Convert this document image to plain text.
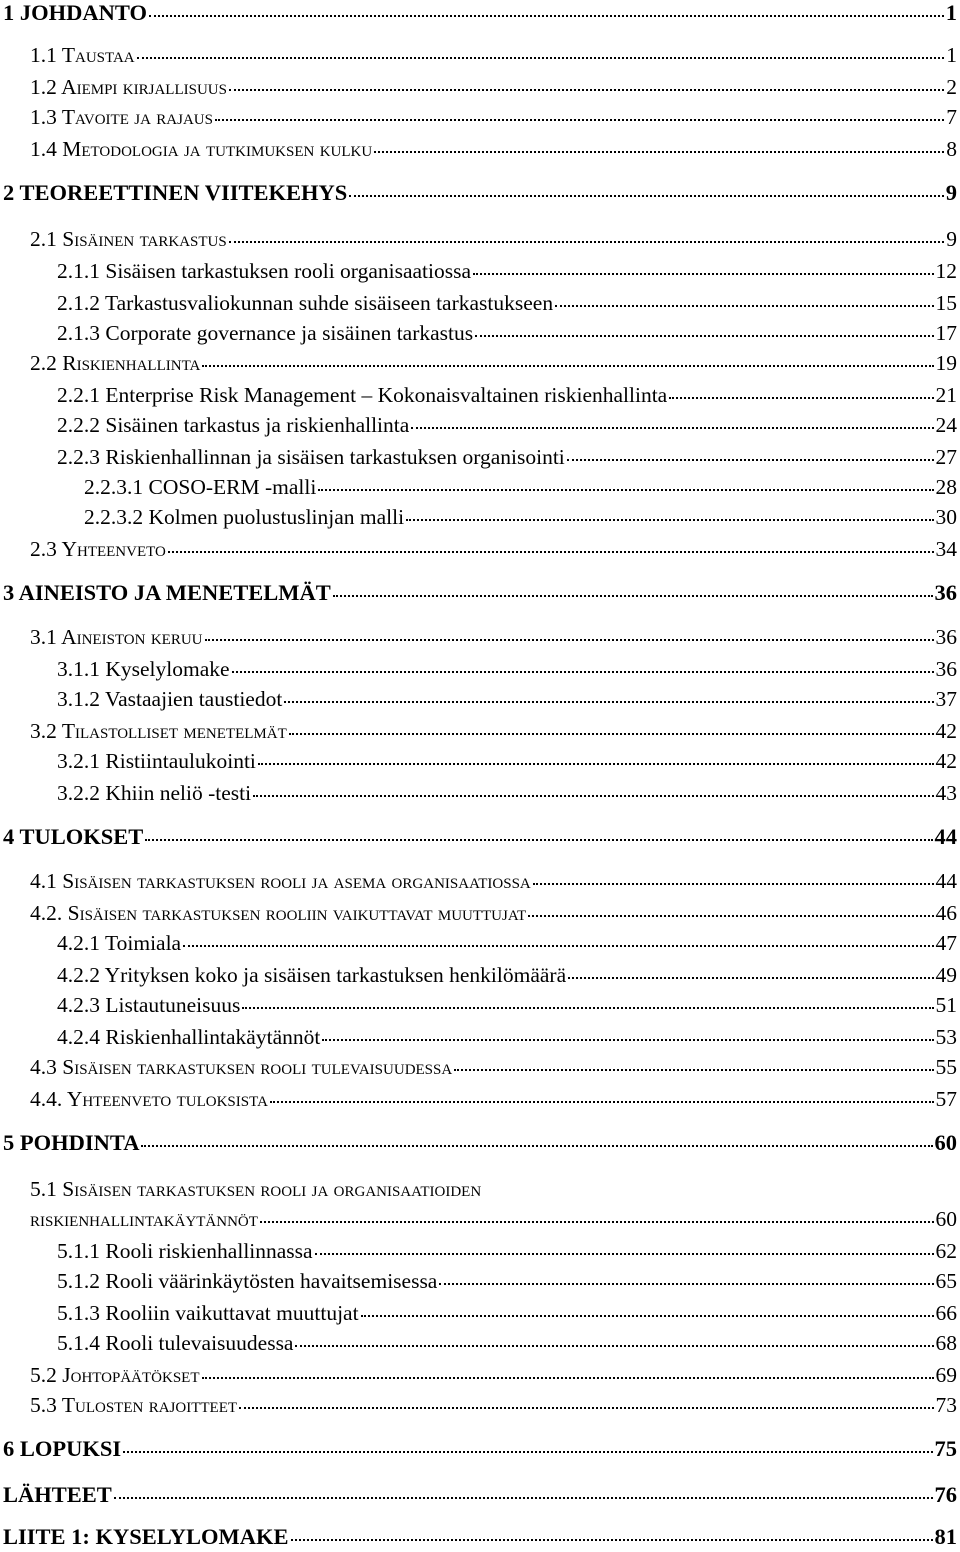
1 JOHDANTO	1
1.1 Taustaa	1
1.2 Aiempi kirjallisuus	2
1.3 Tavoite ja rajaus	7
1.4 Metodologia ja tutkimuksen kulku	8
2 TEOREETTINEN VIITEKEHYS	9
2.1 Sisäinen tarkastus	9
2.1.1 Sisäisen tarkastuksen rooli organisaatiossa	12
2.1.2 Tarkastusvaliokunnan suhde sisäiseen tarkastukseen	15
2.1.3 Corporate governance ja sisäinen tarkastus	17
2.2 Riskienhallinta	19
2.2.1 Enterprise Risk Management – Kokonaisvaltainen riskienhallinta	21
2.2.2 Sisäinen tarkastus ja riskienhallinta	24
2.2.3 Riskienhallinnan ja sisäisen tarkastuksen organisointi	27
2.2.3.1 COSO-ERM -malli	28
2.2.3.2 Kolmen puolustuslinjan malli	30
2.3 Yhteenveto	34
3 AINEISTO JA MENETELMÄT	36
3.1 Aineiston keruu	36
3.1.1 Kyselylomake	36
3.1.2 Vastaajien taustiedot	37
3.2 Tilastolliset menetelmät	42
3.2.1 Ristiintaulukointi	42
3.2.2 Khiin neliö -testi	43
4 TULOKSET	44
4.1 Sisäisen tarkastuksen rooli ja asema organisaatiossa	44
4.2. Sisäisen tarkastuksen rooliin vaikuttavat muuttujat	46
4.2.1 Toimiala	47
4.2.2 Yrityksen koko ja sisäisen tarkastuksen henkilömäärä	49
4.2.3 Listautuneisuus	51
4.2.4 Riskienhallintakäytännöt	53
4.3 Sisäisen tarkastuksen rooli tulevaisuudessa	55
4.4. Yhteenveto tuloksista	57
5 POHDINTA	60
5.1 Sisäisen tarkastuksen rooli ja organisaatioiden
riskienhallintakäytännöt	60
5.1.1 Rooli riskienhallinnassa	62
5.1.2 Rooli väärinkäytösten havaitsemisessa	65
5.1.3 Rooliin vaikuttavat muuttujat	66
5.1.4 Rooli tulevaisuudessa	68
5.2 Johtopäätökset	69
5.3 Tulosten rajoitteet	73
6 LOPUKSI	75
LÄHTEET	76
LIITE 1: KYSELYLOMAKE	81
